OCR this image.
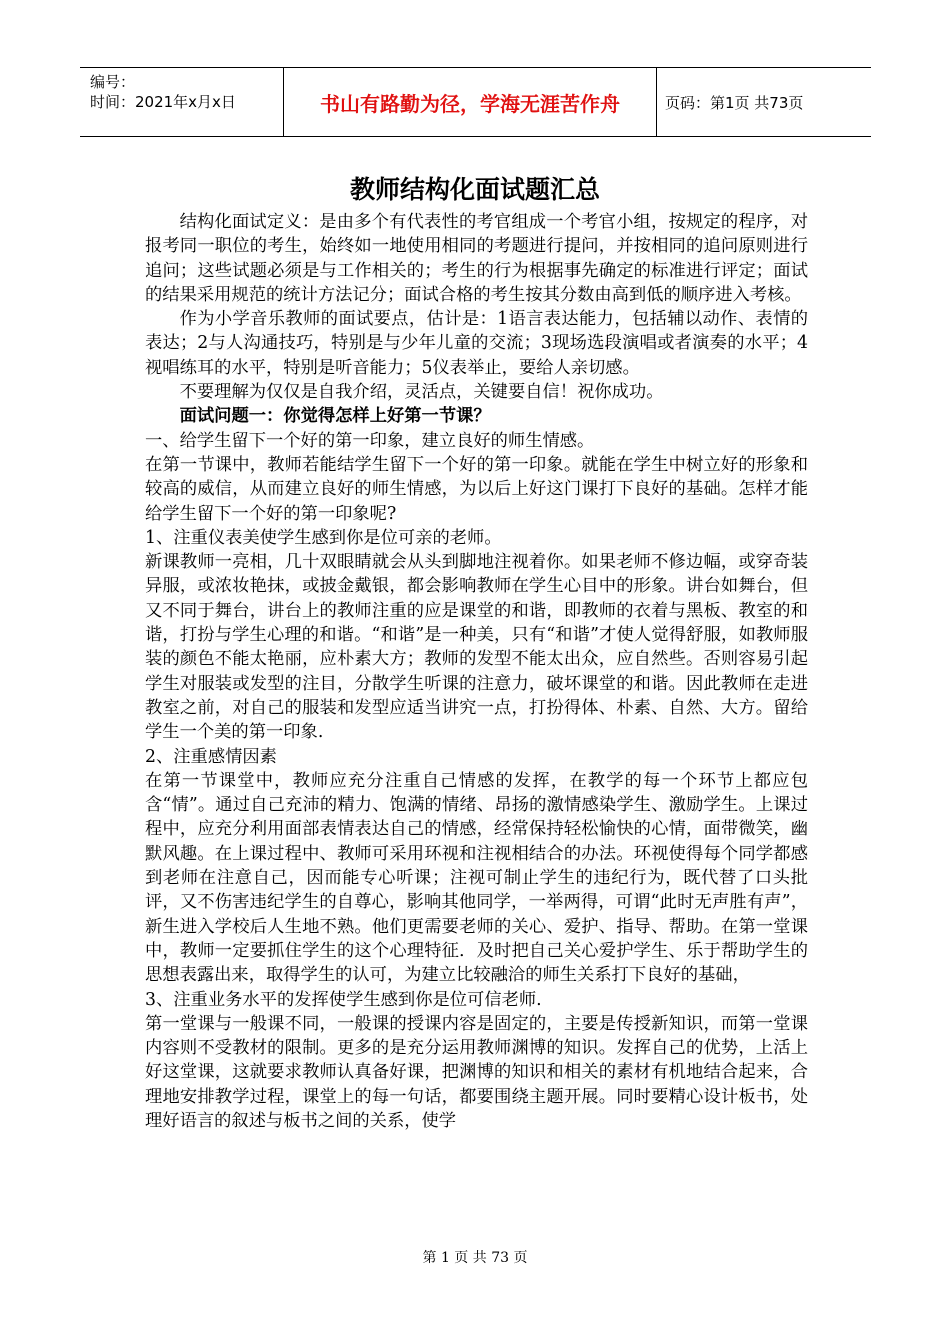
编号：
时间：2021年x月x日	书山有路勤为径，学海无涯苦作舟	页码：第1页 共73页
教师结构化面试题汇总

结构化面试定义：是由多个有代表性的考官组成一个考官小组，按规定的程序，对报考同一职位的考生，始终如一地使用相同的考题进行提问，并按相同的追问原则进行追问；这些试题必须是与工作相关的；考生的行为根据事先确定的标准进行评定；面试的结果采用规范的统计方法记分；面试合格的考生按其分数由高到低的顺序进入考核。

作为小学音乐教师的面试要点，估计是：1语言表达能力，包括辅以动作、表情的表达；2与人沟通技巧，特别是与少年儿童的交流；3现场选段演唱或者演奏的水平；4视唱练耳的水平，特别是听音能力；5仪表举止，要给人亲切感。

不要理解为仅仅是自我介绍，灵活点，关键要自信！祝你成功。

面试问题一：你觉得怎样上好第一节课？

一、给学生留下一个好的第一印象，建立良好的师生情感。

在第一节课中，教师若能结学生留下一个好的第一印象。就能在学生中树立好的形象和较高的威信，从而建立良好的师生情感，为以后上好这门课打下良好的基础。怎样才能给学生留下一个好的第一印象呢?

1、注重仪表美使学生感到你是位可亲的老师。

新课教师一亮相，几十双眼睛就会从头到脚地注视着你。如果老师不修边幅，或穿奇装异服，或浓妆艳抹，或披金戴银，都会影响教师在学生心目中的形象。讲台如舞台，但又不同于舞台，讲台上的教师注重的应是课堂的和谐，即教师的衣着与黑板、教室的和谐，打扮与学生心理的和谐。“和谐”是一种美，只有“和谐”才使人觉得舒服，如教师服装的颜色不能太艳丽，应朴素大方；教师的发型不能太出众，应自然些。否则容易引起学生对服装或发型的注目，分散学生听课的注意力，破坏课堂的和谐。因此教师在走进教室之前，对自己的服装和发型应适当讲究一点，打扮得体、朴素、自然、大方。留给学生一个美的第一印象.

2、注重感情因素

在第一节课堂中，教师应充分注重自己情感的发挥，在教学的每一个环节上都应包含“情”。通过自己充沛的精力、饱满的情绪、昂扬的激情感染学生、激励学生。上课过程中，应充分利用面部表情表达自己的情感，经常保持轻松愉快的心情，面带微笑，幽默风趣。在上课过程中、教师可采用环视和注视相结合的办法。环视使得每个同学都感到老师在注意自己，因而能专心听课；注视可制止学生的违纪行为，既代替了口头批评，又不伤害违纪学生的自尊心，影响其他同学，一举两得，可谓“此时无声胜有声”，新生进入学校后人生地不熟。他们更需要老师的关心、爱护、指导、帮助。在第一堂课中，教师一定要抓住学生的这个心理特征．及时把自己关心爱护学生、乐于帮助学生的思想表露出来，取得学生的认可，为建立比较融洽的师生关系打下良好的基础，

3、注重业务水平的发挥使学生感到你是位可信老师.

第一堂课与一般课不同，一般课的授课内容是固定的，主要是传授新知识，而第一堂课内容则不受教材的限制。更多的是充分运用教师渊博的知识。发挥自己的优势，上活上好这堂课，这就要求教师认真备好课，把渊博的知识和相关的素材有机地结合起来，合理地安排教学过程，课堂上的每一句话，都要围绕主题开展。同时要精心设计板书，处理好语言的叙述与板书之间的关系，使学

第 1 页 共 73 页
